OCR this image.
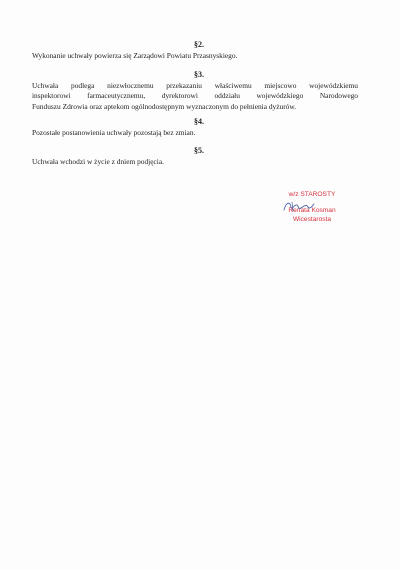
§2.
Wykonanie uchwały powierza się Zarządowi Powiatu Przasnyskiego.
§3.
Uchwała podlega niezwłocznemu przekazaniu właściwemu miejscowo wojewódzkiemu
inspektorowi farmaceutycznemu, dyrektorowi oddziału wojewódzkiego Narodowego
Funduszu Zdrowia oraz aptekom ogólnodostępnym wyznaczonym do pełnienia dyżurów.
§4.
Pozostałe postanowienia uchwały pozostają bez zmian.
§5.
Uchwała wchodzi w życie z dniem podjęcia.
w/z STAROSTY
Renata Kosman
Wicestarosta
